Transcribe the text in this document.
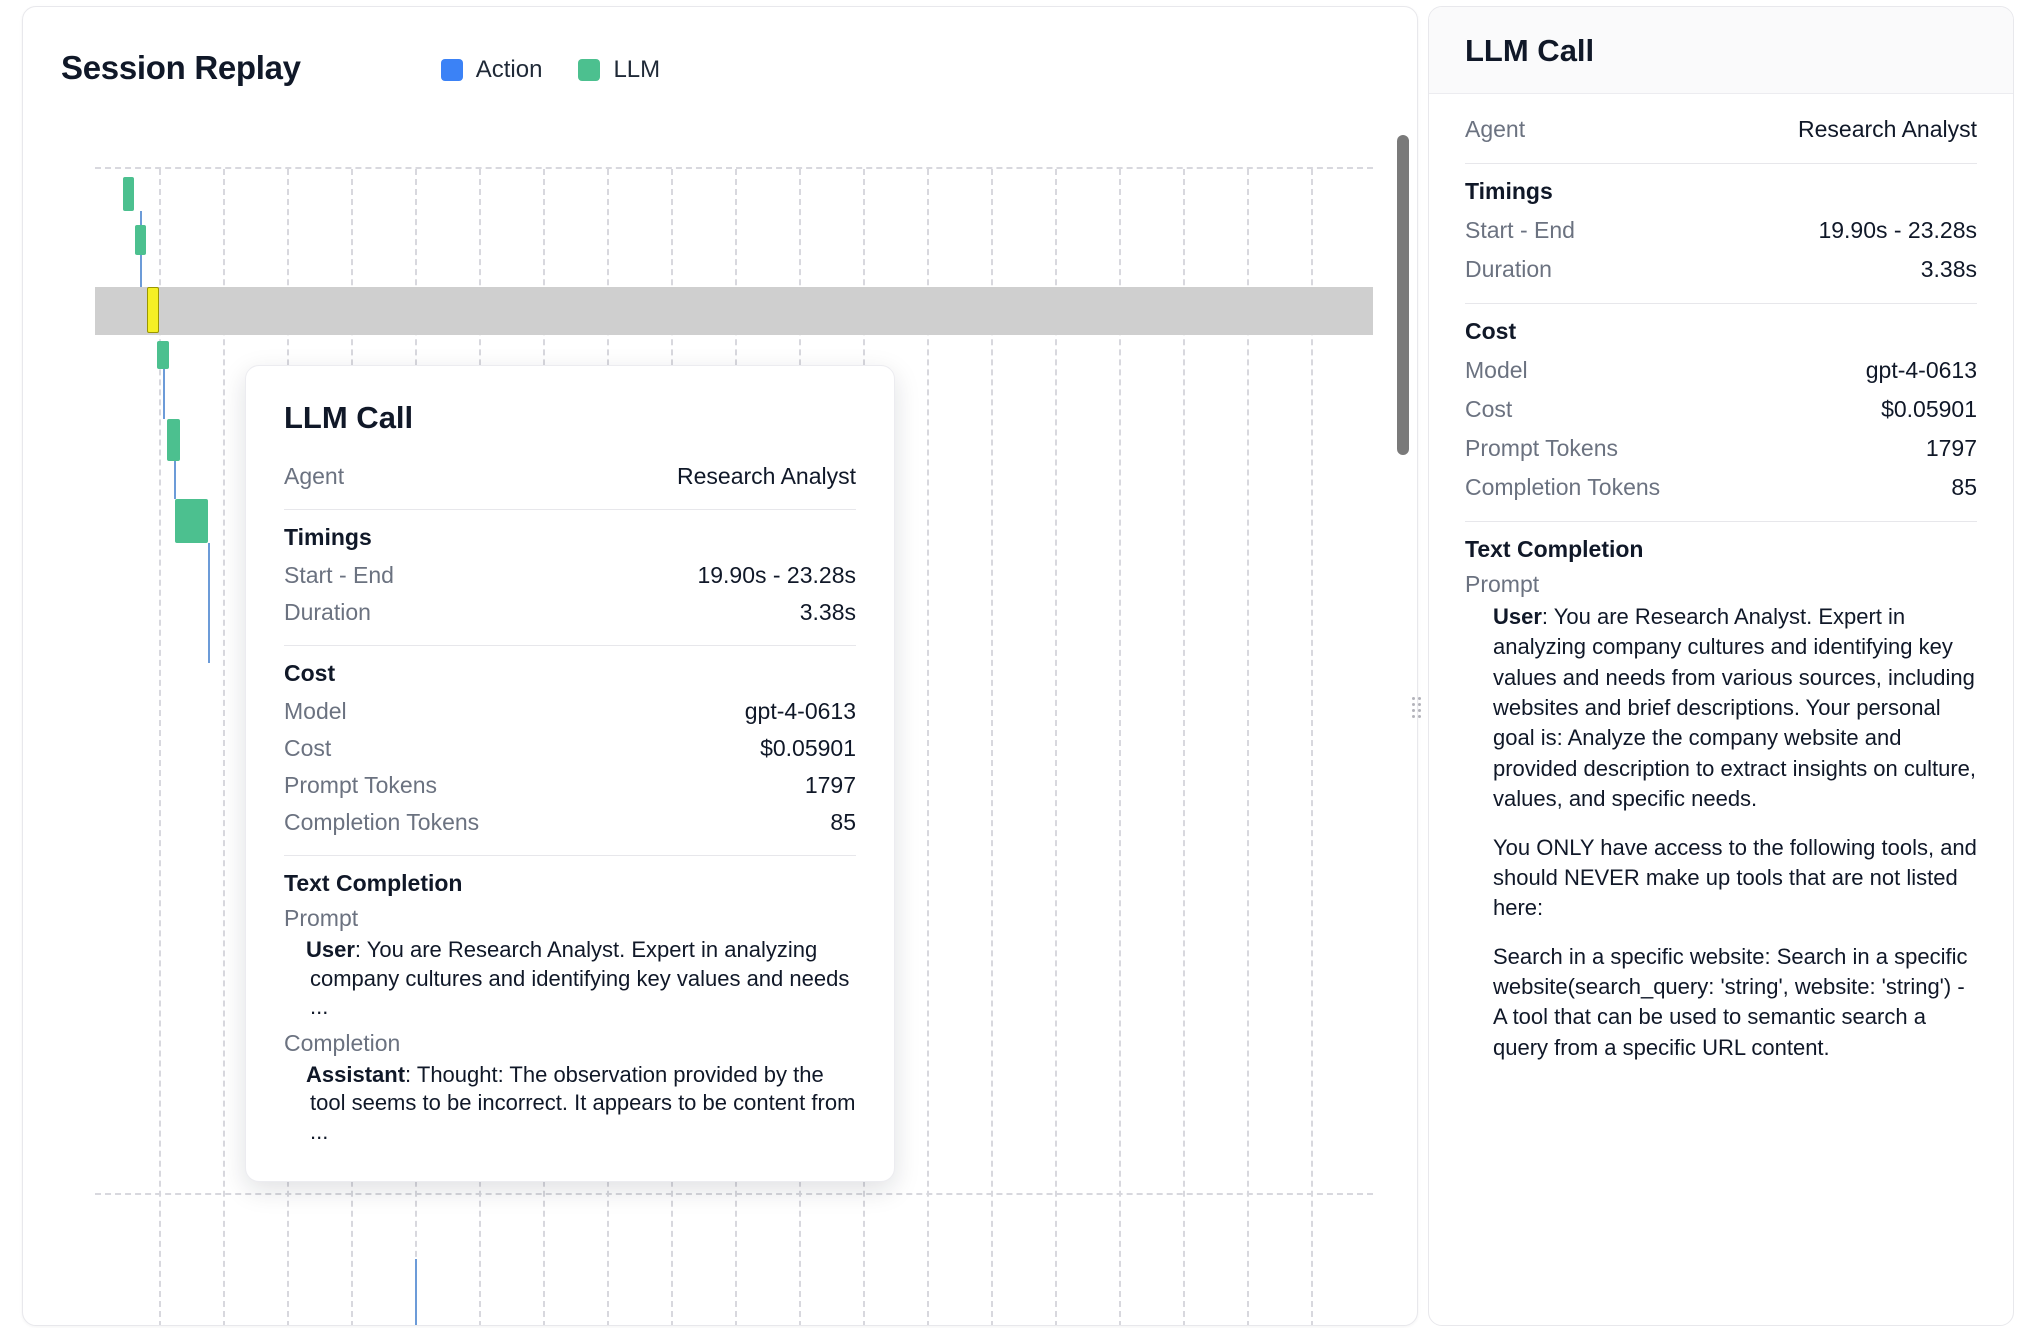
Session Replay	Action	LLM
LLM Call
Agent	Research Analyst
Timings
Start - End	19.90s - 23.28s
Duration	3.38s
Cost
Model	gpt-4-0613
Cost	$0.05901
Prompt Tokens	1797
Completion Tokens	85
Text Completion
Prompt
User: You are Research Analyst. Expert in analyzing company cultures and identifying key values and needs ...
Completion
Assistant: Thought: The observation provided by the tool seems to be incorrect. It appears to be content from ...
LLM Call
Agent	Research Analyst
Timings
Start - End	19.90s - 23.28s
Duration	3.38s
Cost
Model	gpt-4-0613
Cost	$0.05901
Prompt Tokens	1797
Completion Tokens	85
Text Completion
Prompt

User: You are Research Analyst. Expert in analyzing company cultures and identifying key values and needs from various sources, including websites and brief descriptions. Your personal goal is: Analyze the company website and provided description to extract insights on culture, values, and specific needs.

You ONLY have access to the following tools, and should NEVER make up tools that are not listed here:

Search in a specific website: Search in a specific website(search_query: 'string', website: 'string') - A tool that can be used to semantic search a query from a specific URL content.
